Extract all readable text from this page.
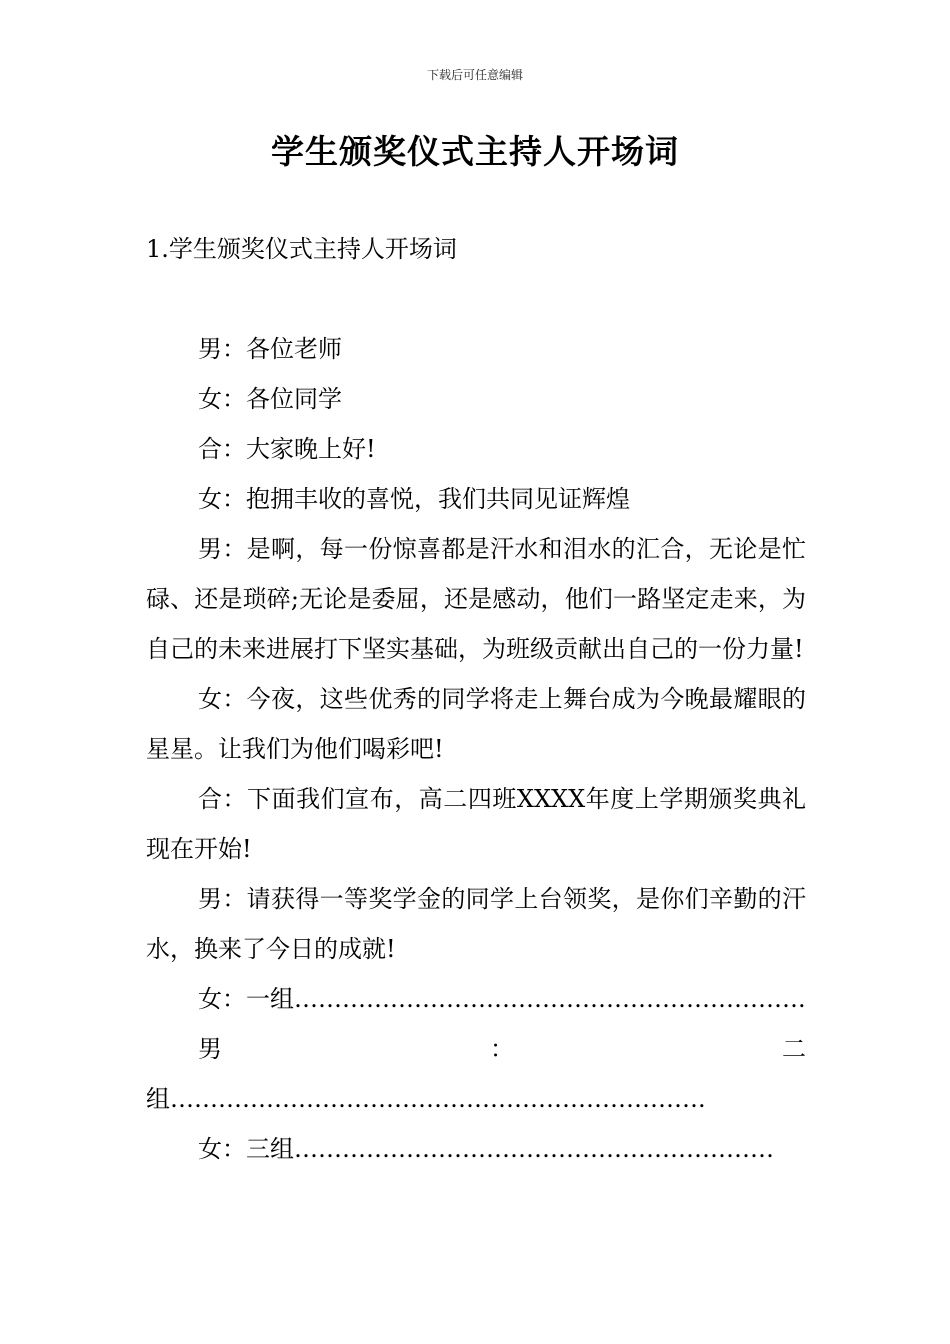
下载后可任意编辑
学生颁奖仪式主持人开场词
1.学生颁奖仪式主持人开场词

男：各位老师

女：各位同学

合：大家晚上好!

女：抱拥丰收的喜悦，我们共同见证辉煌

男：是啊，每一份惊喜都是汗水和泪水的汇合，无论是忙碌、还是琐碎;无论是委屈，还是感动，他们一路坚定走来，为自己的未来进展打下坚实基础，为班级贡献出自己的一份力量!

女：今夜，这些优秀的同学将走上舞台成为今晚最耀眼的星星。让我们为他们喝彩吧!

合：下面我们宣布，高二四班XXXX年度上学期颁奖典礼现在开始!

男：请获得一等奖学金的同学上台领奖，是你们辛勤的汗水，换来了今日的成就!

女：一组……………………………………………………….

男：二组………………………………………………………….

女：三组……………………………………………………
